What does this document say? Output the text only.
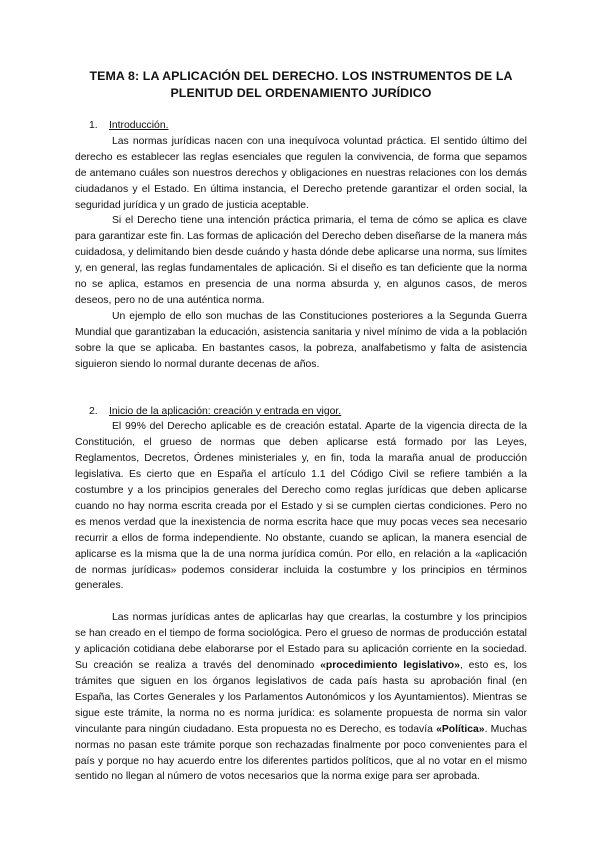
TEMA 8: LA APLICACIÓN DEL DERECHO. LOS INSTRUMENTOS DE LA PLENITUD DEL ORDENAMIENTO JURÍDICO
1. Introducción.

Las normas jurídicas nacen con una inequívoca voluntad práctica. El sentido último del derecho es establecer las reglas esenciales que regulen la convivencia, de forma que sepamos de antemano cuáles son nuestros derechos y obligaciones en nuestras relaciones con los demás ciudadanos y el Estado. En última instancia, el Derecho pretende garantizar el orden social, la seguridad jurídica y un grado de justicia aceptable.

Si el Derecho tiene una intención práctica primaria, el tema de cómo se aplica es clave para garantizar este fin. Las formas de aplicación del Derecho deben diseñarse de la manera más cuidadosa, y delimitando bien desde cuándo y hasta dónde debe aplicarse una norma, sus límites y, en general, las reglas fundamentales de aplicación. Si el diseño es tan deficiente que la norma no se aplica, estamos en presencia de una norma absurda y, en algunos casos, de meros deseos, pero no de una auténtica norma.

Un ejemplo de ello son muchas de las Constituciones posteriores a la Segunda Guerra Mundial que garantizaban la educación, asistencia sanitaria y nivel mínimo de vida a la población sobre la que se aplicaba. En bastantes casos, la pobreza, analfabetismo y falta de asistencia siguieron siendo lo normal durante decenas de años.

2. Inicio de la aplicación: creación y entrada en vigor.

El 99% del Derecho aplicable es de creación estatal. Aparte de la vigencia directa de la Constitución, el grueso de normas que deben aplicarse está formado por las Leyes, Reglamentos, Decretos, Órdenes ministeriales y, en fin, toda la maraña anual de producción legislativa. Es cierto que en España el artículo 1.1 del Código Civil se refiere también a la costumbre y a los principios generales del Derecho como reglas jurídicas que deben aplicarse cuando no hay norma escrita creada por el Estado y si se cumplen ciertas condiciones. Pero no es menos verdad que la inexistencia de norma escrita hace que muy pocas veces sea necesario recurrir a ellos de forma independiente. No obstante, cuando se aplican, la manera esencial de aplicarse es la misma que la de una norma jurídica común. Por ello, en relación a la «aplicación de normas jurídicas» podemos considerar incluida la costumbre y los principios en términos generales.

Las normas jurídicas antes de aplicarlas hay que crearlas, la costumbre y los principios se han creado en el tiempo de forma sociológica. Pero el grueso de normas de producción estatal y aplicación cotidiana debe elaborarse por el Estado para su aplicación corriente en la sociedad. Su creación se realiza a través del denominado «procedimiento legislativo», esto es, los trámites que siguen en los órganos legislativos de cada país hasta su aprobación final (en España, las Cortes Generales y los Parlamentos Autonómicos y los Ayuntamientos). Mientras se sigue este trámite, la norma no es norma jurídica: es solamente propuesta de norma sin valor vinculante para ningún ciudadano. Esta propuesta no es Derecho, es todavía «Política». Muchas normas no pasan este trámite porque son rechazadas finalmente por poco convenientes para el país y porque no hay acuerdo entre los diferentes partidos políticos, que al no votar en el mismo sentido no llegan al número de votos necesarios que la norma exige para ser aprobada.
